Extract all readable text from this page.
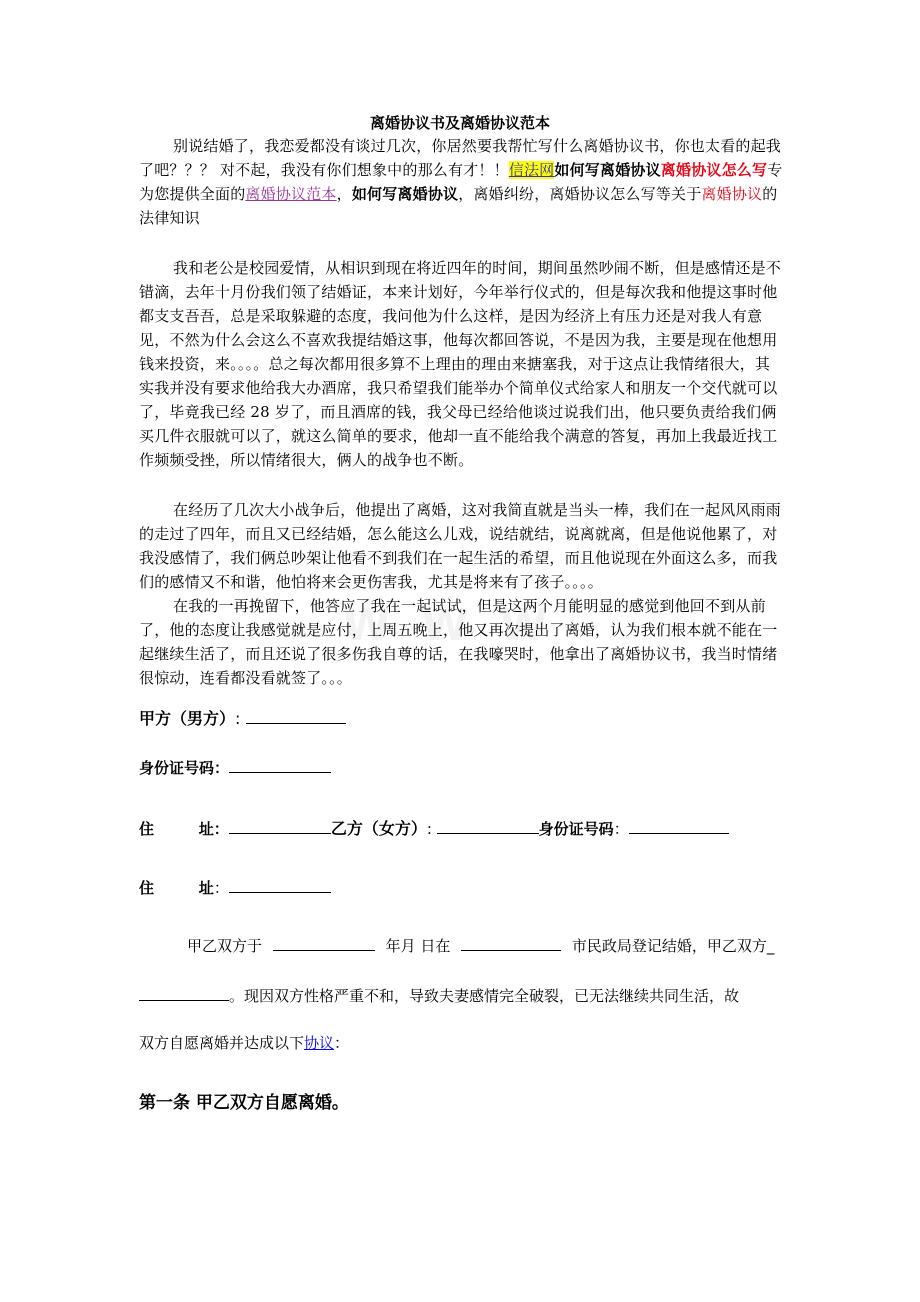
离婚协议书及离婚协议范本
别说结婚了，我恋爱都没有谈过几次，你居然要我帮忙写什么离婚协议书，你也太看的起我了吧？？？ 对不起，我没有你们想象中的那么有才！！信法网如何写离婚协议离婚协议怎么写专为您提供全面的离婚协议范本，如何写离婚协议，离婚纠纷，离婚协议怎么写等关于离婚协议的法律知识
我和老公是校园爱情，从相识到现在将近四年的时间，期间虽然吵闹不断，但是感情还是不错滴，去年十月份我们领了结婚证，本来计划好，今年举行仪式的，但是每次我和他提这事时他都支支吾吾，总是采取躲避的态度，我问他为什么这样，是因为经济上有压力还是对我人有意见，不然为什么会这么不喜欢我提结婚这事，他每次都回答说，不是因为我，主要是现在他想用钱来投资，来。。。。总之每次都用很多算不上理由的理由来搪塞我，对于这点让我情绪很大，其实我并没有要求他给我大办酒席，我只希望我们能举办个简单仪式给家人和朋友一个交代就可以了，毕竟我已经 28 岁了，而且酒席的钱，我父母已经给他谈过说我们出，他只要负责给我们俩买几件衣服就可以了，就这么简单的要求，他却一直不能给我个满意的答复，再加上我最近找工作频频受挫，所以情绪很大，俩人的战争也不断。
在经历了几次大小战争后，他提出了离婚，这对我简直就是当头一棒，我们在一起风风雨雨的走过了四年，而且又已经结婚，怎么能这么儿戏，说结就结，说离就离，但是他说他累了，对我没感情了，我们俩总吵架让他看不到我们在一起生活的希望，而且他说现在外面这么多，而我们的感情又不和谐，他怕将来会更伤害我，尤其是将来有了孩子。。。。
在我的一再挽留下，他答应了我在一起试试，但是这两个月能明显的感觉到他回不到从前了，他的态度让我感觉就是应付，上周五晚上，他又再次提出了离婚，认为我们根本就不能在一起继续生活了，而且还说了很多伤我自尊的话，在我嚎哭时，他拿出了离婚协议书，我当时情绪很惊动，连看都没看就签了。。。
甲方（男方）:
身份证号码：
住	址：	乙方（女方）:	身份证号码：
住	址：
甲乙双方于	年月 日在	市民政局登记结婚，甲乙双方_
。现因双方性格严重不和，导致夫妻感情完全破裂，已无法继续共同生活，故
双方自愿离婚并达成以下协议：
第一条 甲乙双方自愿离婚。
